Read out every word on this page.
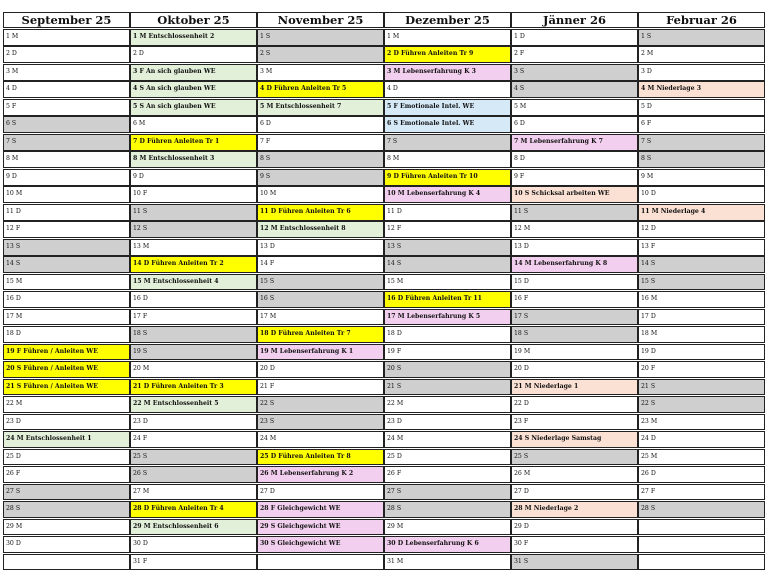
September 25
1 M
2 D
3 M
4 D
5 F
6 S
7 S
8 M
9 D
10 M
11 D
12 F
13 S
14 S
15 M
16 D
17 M
18 D
19 F Führen / Anleiten WE
20 S Führen / Anleiten WE
21 S Führen / Anleiten WE
22 M
23 D
24 M Entschlossenheit 1
25 D
26 F
27 S
28 S
29 M
30 D
Oktober 25
1 M Entschlossenheit 2
2 D
3 F An sich glauben WE
4 S An sich glauben WE
5 S An sich glauben WE
6 M
7 D Führen Anleiten Tr 1
8 M Entschlossenheit 3
9 D
10 F
11 S
12 S
13 M
14 D Führen Anleiten Tr 2
15 M Entschlossenheit 4
16 D
17 F
18 S
19 S
20 M
21 D Führen Anleiten Tr 3
22 M Entschlossenheit 5
23 D
24 F
25 S
26 S
27 M
28 D Führen Anleiten Tr 4
29 M Entschlossenheit 6
30 D
31 F
November 25
1 S
2 S
3 M
4 D Führen Anleiten Tr 5
5 M Entschlossenheit 7
6 D
7 F
8 S
9 S
10 M
11 D Führen Anleiten Tr 6
12 M Entschlossenheit 8
13 D
14 F
15 S
16 S
17 M
18 D Führen Anleiten Tr 7
19 M Lebenserfahrung K 1
20 D
21 F
22 S
23 S
24 M
25 D Führen Anleiten Tr 8
26 M Lebenserfahrung K 2
27 D
28 F Gleichgewicht WE
29 S Gleichgewicht WE
30 S Gleichgewicht WE
Dezember 25
1 M
2 D Führen Anleiten Tr 9
3 M Lebenserfahrung K 3
4 D
5 F Emotionale Intel. WE
6 S Emotionale Intel. WE
7 S
8 M
9 D Führen Anleiten Tr 10
10 M Lebenserfahrung K 4
11 D
12 F
13 S
14 S
15 M
16 D Führen Anleiten Tr 11
17 M Lebenserfahrung K 5
18 D
19 F
20 S
21 S
22 M
23 D
24 M
25 D
26 F
27 S
28 S
29 M
30 D Lebenserfahrung K 6
31 M
Jänner 26
1 D
2 F
3 S
4 S
5 M
6 D
7 M Lebenserfahrung K 7
8 D
9 F
10 S Schicksal arbeiten WE
11 S
12 M
13 D
14 M Lebenserfahrung K 8
15 D
16 F
17 S
18 S
19 M
20 D
21 M Niederlage 1
22 D
23 F
24 S Niederlage Samstag
25 S
26 M
27 D
28 M Niederlage 2
29 D
30 F
31 S
Februar 26
1 S
2 M
3 D
4 M Niederlage 3
5 D
6 F
7 S
8 S
9 M
10 D
11 M Niederlage 4
12 D
13 F
14 S
15 S
16 M
17 D
18 M
19 D
20 F
21 S
22 S
23 M
24 D
25 M
26 D
27 F
28 S
